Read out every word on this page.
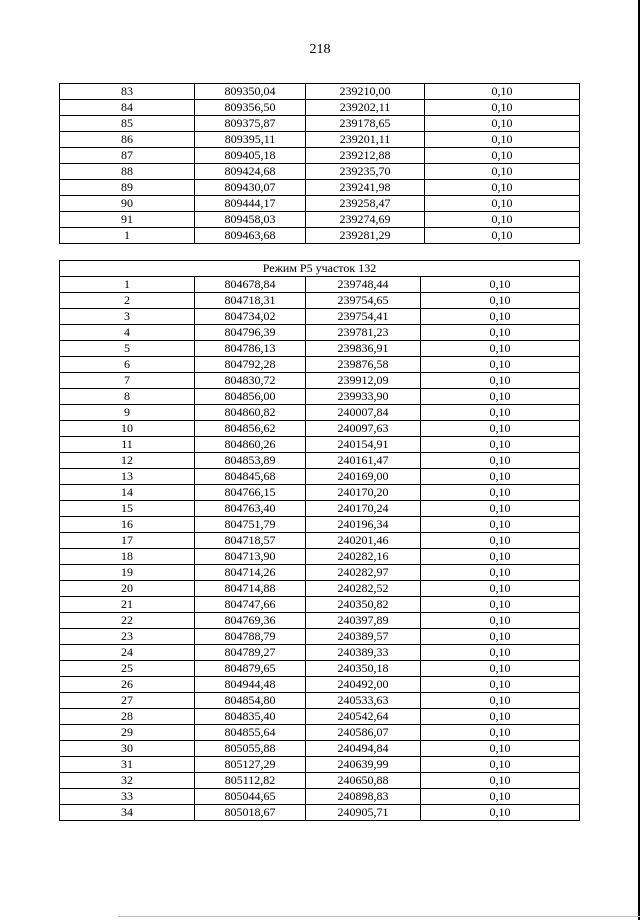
218
83	809350,04	239210,00	0,10
84	809356,50	239202,11	0,10
85	809375,87	239178,65	0,10
86	809395,11	239201,11	0,10
87	809405,18	239212,88	0,10
88	809424,68	239235,70	0,10
89	809430,07	239241,98	0,10
90	809444,17	239258,47	0,10
91	809458,03	239274,69	0,10
1	809463,68	239281,29	0,10
Режим Р5 участок 132			
1	804678,84	239748,44	0,10
2	804718,31	239754,65	0,10
3	804734,02	239754,41	0,10
4	804796,39	239781,23	0,10
5	804786,13	239836,91	0,10
6	804792,28	239876,58	0,10
7	804830,72	239912,09	0,10
8	804856,00	239933,90	0,10
9	804860,82	240007,84	0,10
10	804856,62	240097,63	0,10
11	804860,26	240154,91	0,10
12	804853,89	240161,47	0,10
13	804845,68	240169,00	0,10
14	804766,15	240170,20	0,10
15	804763,40	240170,24	0,10
16	804751,79	240196,34	0,10
17	804718,57	240201,46	0,10
18	804713,90	240282,16	0,10
19	804714,26	240282,97	0,10
20	804714,88	240282,52	0,10
21	804747,66	240350,82	0,10
22	804769,36	240397,89	0,10
23	804788,79	240389,57	0,10
24	804789,27	240389,33	0,10
25	804879,65	240350,18	0,10
26	804944,48	240492,00	0,10
27	804854,80	240533,63	0,10
28	804835,40	240542,64	0,10
29	804855,64	240586,07	0,10
30	805055,88	240494,84	0,10
31	805127,29	240639,99	0,10
32	805112,82	240650,88	0,10
33	805044,65	240898,83	0,10
34	805018,67	240905,71	0,10
